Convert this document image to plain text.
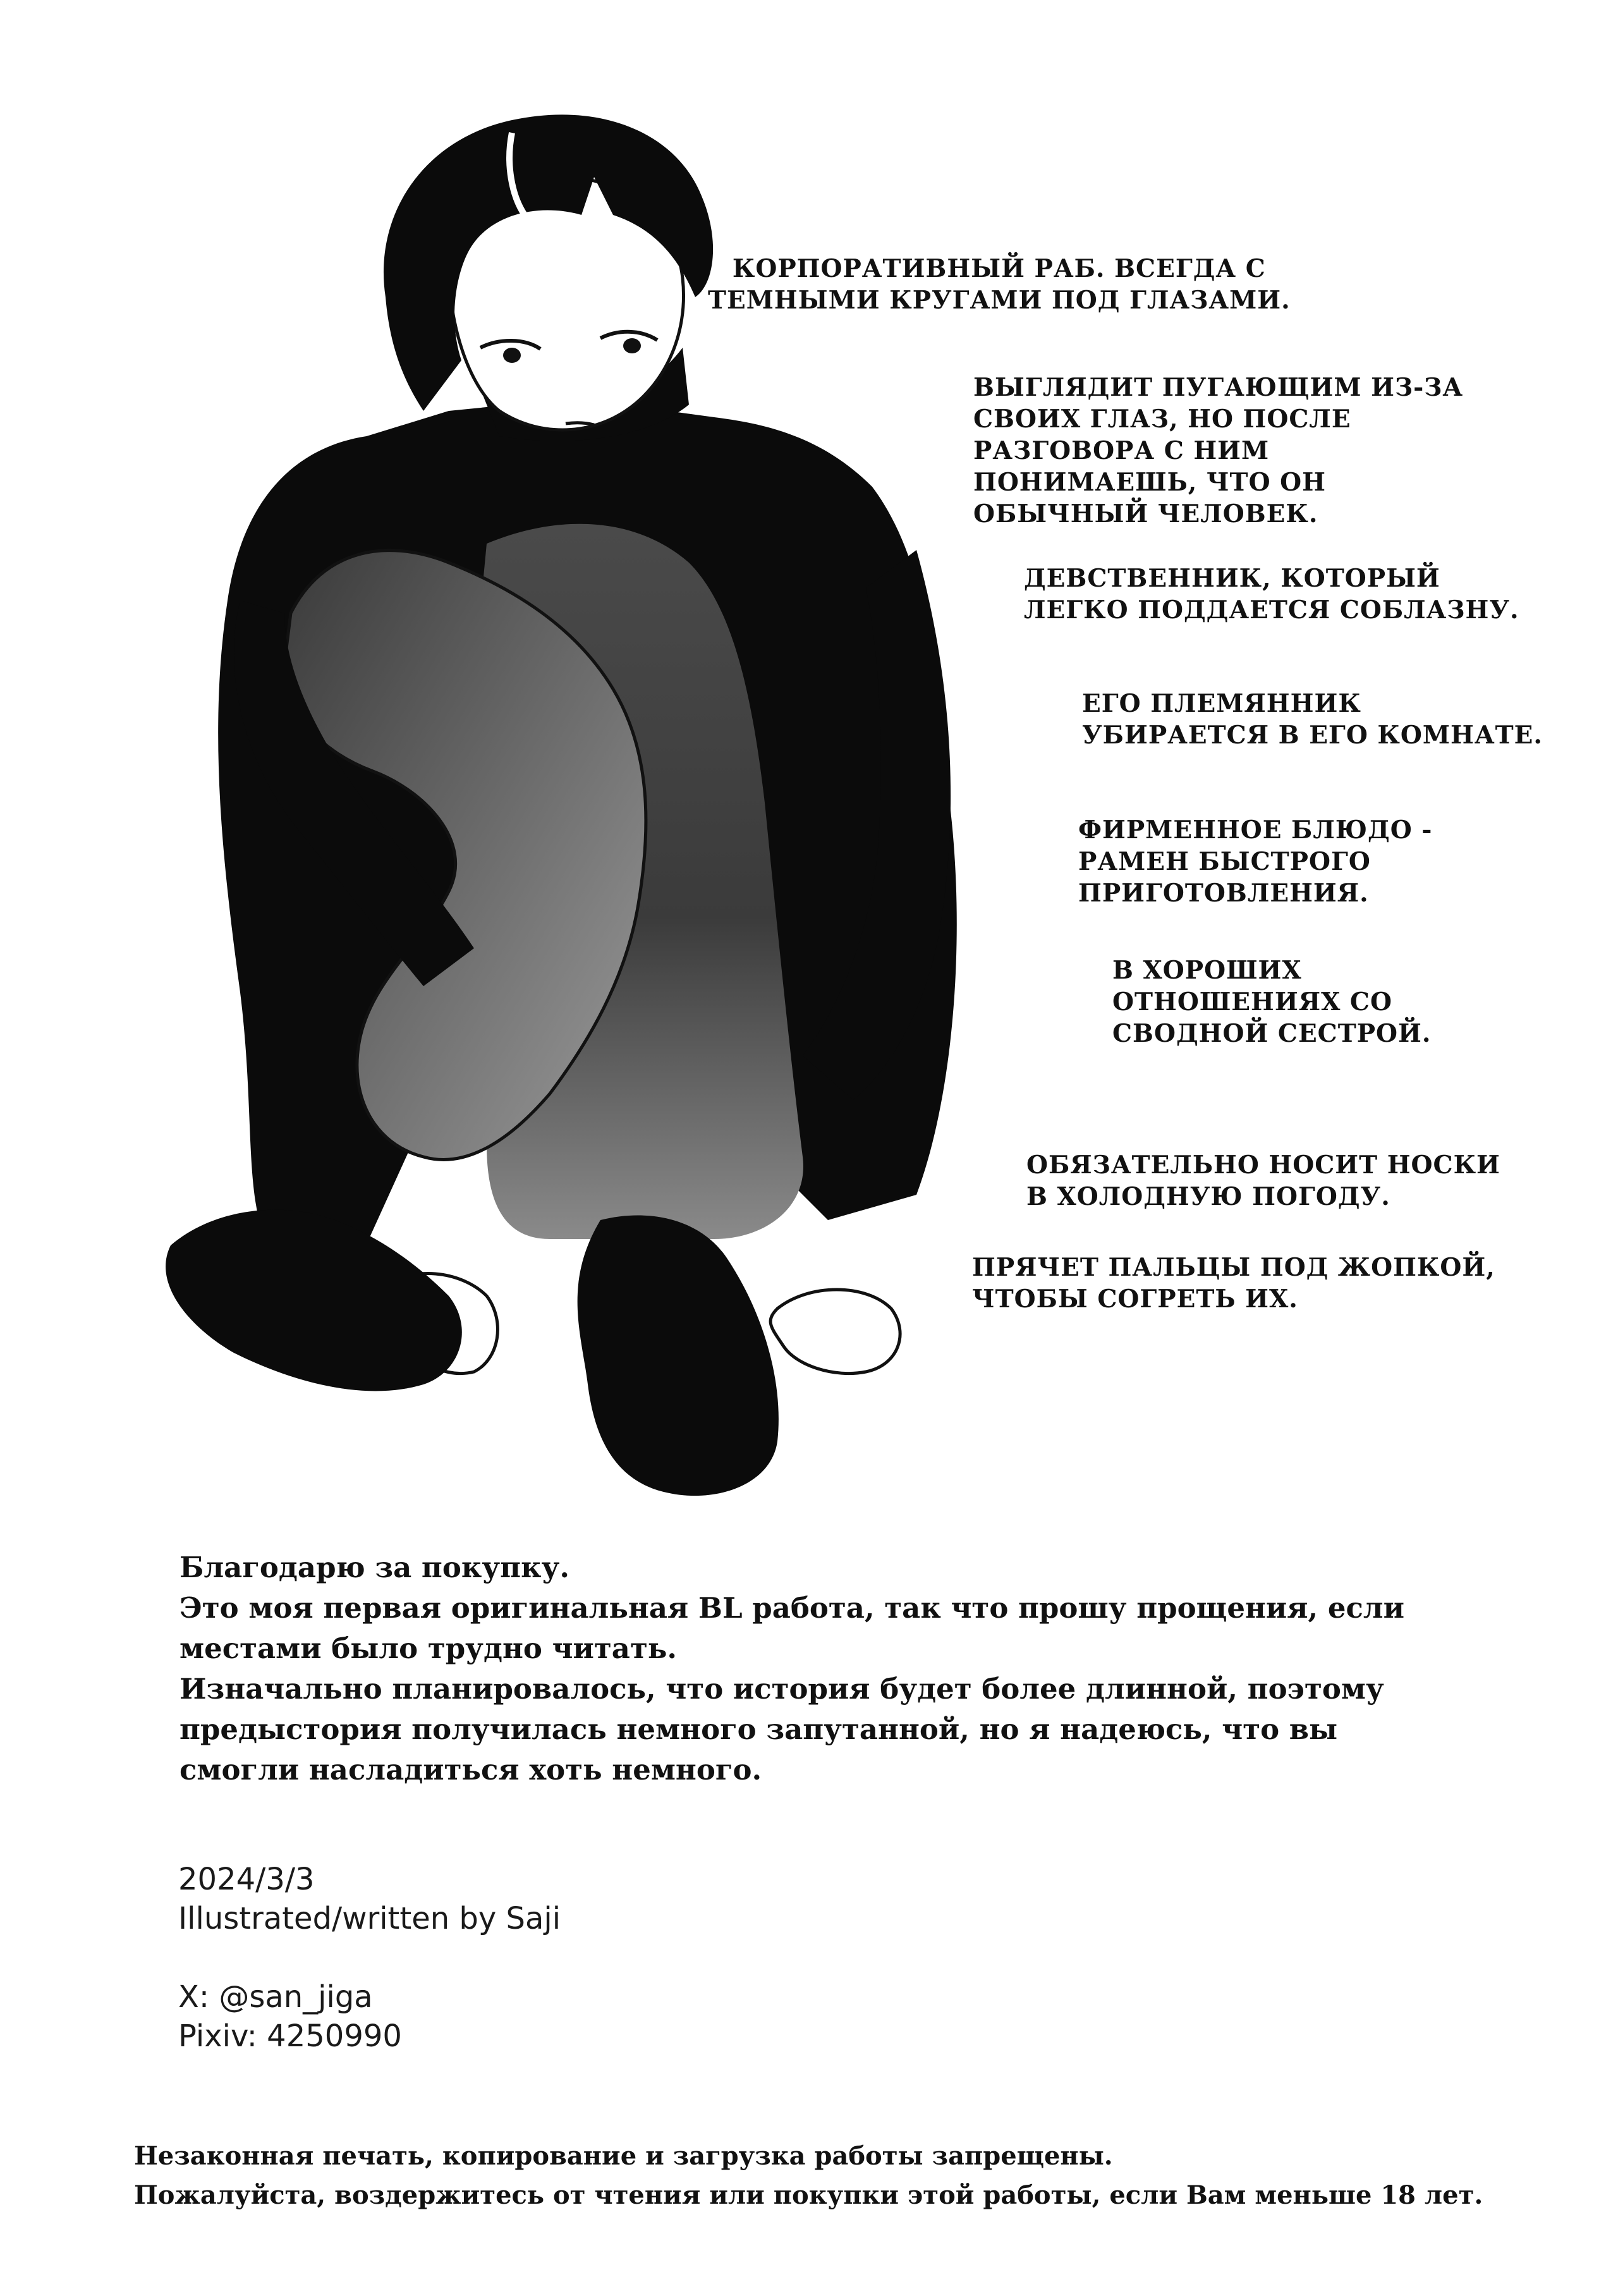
КОРПОРАТИВНЫЙ РАБ. ВСЕГДА С
ТЕМНЫМИ КРУГАМИ ПОД ГЛАЗАМИ.
ВЫГЛЯДИТ ПУГАЮЩИМ ИЗ-ЗА
СВОИХ ГЛАЗ, НО ПОСЛЕ
РАЗГОВОРА С НИМ
ПОНИМАЕШЬ, ЧТО ОН
ОБЫЧНЫЙ ЧЕЛОВЕК.
ДЕВСТВЕННИК, КОТОРЫЙ
ЛЕГКО ПОДДАЕТСЯ СОБЛАЗНУ.
ЕГО ПЛЕМЯННИК
УБИРАЕТСЯ В ЕГО КОМНАТЕ.
ФИРМЕННОЕ БЛЮДО -
РАМЕН БЫСТРОГО
ПРИГОТОВЛЕНИЯ.
В ХОРОШИХ
ОТНОШЕНИЯХ СО
СВОДНОЙ СЕСТРОЙ.
ОБЯЗАТЕЛЬНО НОСИТ НОСКИ
В ХОЛОДНУЮ ПОГОДУ.
ПРЯЧЕТ ПАЛЬЦЫ ПОД ЖОПКОЙ,
ЧТОБЫ СОГРЕТЬ ИХ.
Благодарю за покупку.
Это моя первая оригинальная BL работа, так что прошу прощения, если
местами было трудно читать.
Изначально планировалось, что история будет более длинной, поэтому
предыстория получилась немного запутанной, но я надеюсь, что вы
смогли насладиться хоть немного.
2024/3/3
Illustrated/written by Saji
X: @san_jiga
Pixiv: 4250990
Незаконная печать, копирование и загрузка работы запрещены.
Пожалуйста, воздержитесь от чтения или покупки этой работы, если Вам меньше 18 лет.
